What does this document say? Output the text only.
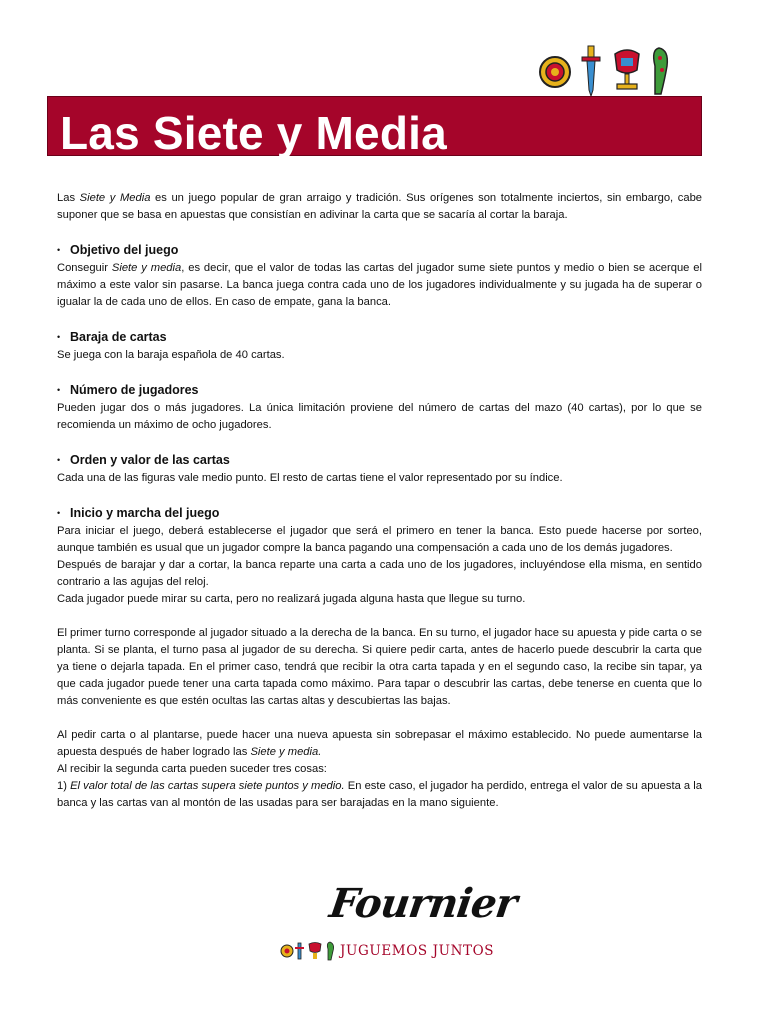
Las Siete y Media

Las Siete y Media es un juego popular de gran arraigo y tradición. Sus orígenes son totalmente inciertos, sin embargo, cabe suponer que se basa en apuestas que consistían en adivinar la carta que se sacaría al cortar la baraja.

• Objetivo del juego

Conseguir Siete y media, es decir, que el valor de todas las cartas del jugador sume siete puntos y medio o bien se acerque el máximo a este valor sin pasarse. La banca juega contra cada uno de los jugadores individualmente y su jugada ha de superar o igualar la de cada uno de ellos. En caso de empate, gana la banca.

• Baraja de cartas

Se juega con la baraja española de 40 cartas.

• Número de jugadores

Pueden jugar dos o más jugadores. La única limitación proviene del número de cartas del mazo (40 cartas), por lo que se recomienda un máximo de ocho jugadores.

• Orden y valor de las cartas

Cada una de las figuras vale medio punto. El resto de cartas tiene el valor representado por su índice.

• Inicio y marcha del juego

Para iniciar el juego, deberá establecerse el jugador que será el primero en tener la banca. Esto puede hacerse por sorteo, aunque también es usual que un jugador compre la banca pagando una compensación a cada uno de los demás jugadores.

Después de barajar y dar a cortar, la banca reparte una carta a cada uno de los jugadores, incluyéndose ella misma, en sentido contrario a las agujas del reloj.

Cada jugador puede mirar su carta, pero no realizará jugada alguna hasta que llegue su turno.

El primer turno corresponde al jugador situado a la derecha de la banca. En su turno, el jugador hace su apuesta y pide carta o se planta. Si se planta, el turno pasa al jugador de su derecha. Si quiere pedir carta, antes de hacerlo puede descubrir la carta que ya tiene o dejarla tapada. En el primer caso, tendrá que recibir la otra carta tapada y en el segundo caso, la recibe sin tapar, ya que cada jugador puede tener una carta tapada como máximo. Para tapar o descubrir las cartas, debe tenerse en cuenta que lo más conveniente es que estén ocultas las cartas altas y descubiertas las bajas.

Al pedir carta o al plantarse, puede hacer una nueva apuesta sin sobrepasar el máximo establecido. No puede aumentarse la apuesta después de haber logrado las Siete y media.

Al recibir la segunda carta pueden suceder tres cosas:

1) El valor total de las cartas supera siete puntos y medio. En este caso, el jugador ha perdido, entrega el valor de su apuesta a la banca y las cartas van al montón de las usadas para ser barajadas en la mano siguiente.

Fournier
JUGUEMOS JUNTOS
